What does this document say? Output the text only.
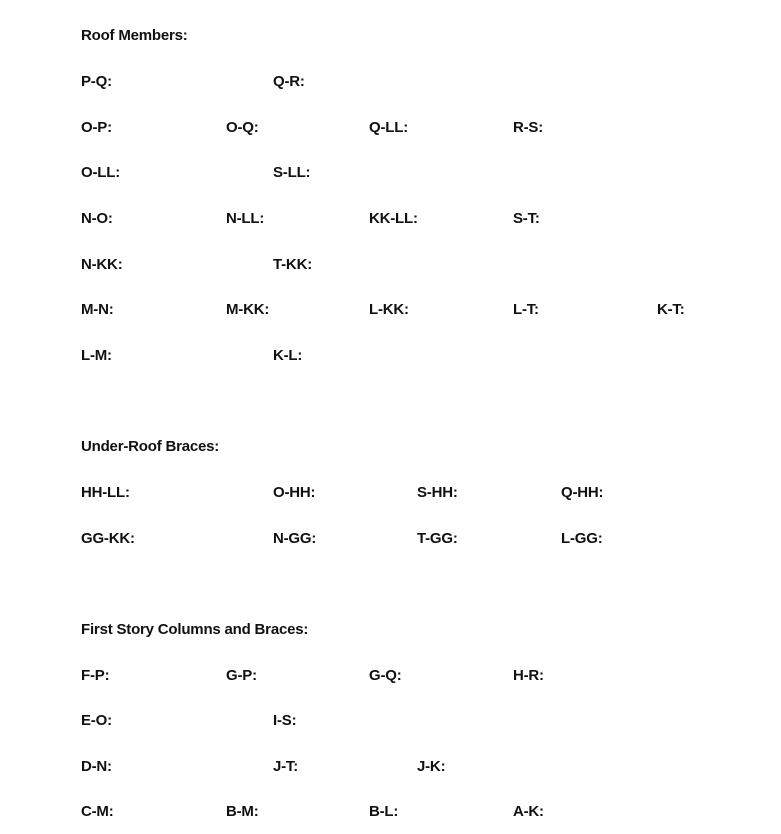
Roof Members:
P-Q:	Q-R:
O-P:	O-Q:	Q-LL:	R-S:
O-LL:	S-LL:
N-O:	N-LL:	KK-LL:	S-T:
N-KK:	T-KK:
M-N:	M-KK:	L-KK:	L-T:	K-T:
L-M:	K-L:
Under-Roof Braces:
HH-LL:	O-HH:	S-HH:	Q-HH:
GG-KK:	N-GG:	T-GG:	L-GG:
First Story Columns and Braces:
F-P:	G-P:	G-Q:	H-R:
E-O:	I-S:
D-N:	J-T:	J-K:
C-M:	B-M:	B-L:	A-K:
